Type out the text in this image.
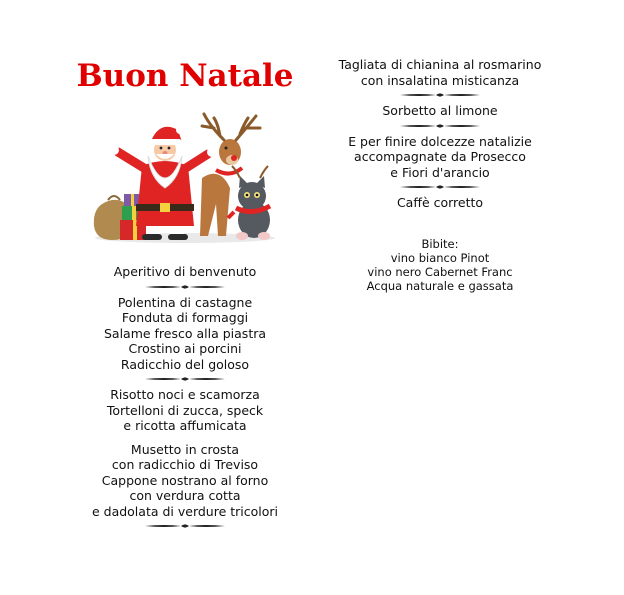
Buon Natale
Aperitivo di benvenuto
Polentina di castagne
Fonduta di formaggi
Salame fresco alla piastra
Crostino ai porcini
Radicchio del goloso
Risotto noci e scamorza
Tortelloni di zucca, speck
e ricotta affumicata
Musetto in crosta
con radicchio di Treviso
Cappone nostrano al forno
con verdura cotta
e dadolata di verdure tricolori
Tagliata di chianina al rosmarino
con insalatina misticanza
Sorbetto al limone
E per finire dolcezze natalizie
accompagnate da Prosecco
e Fiori d'arancio
Caffè corretto
Bibite:
vino bianco Pinot
vino nero Cabernet Franc
Acqua naturale e gassata
